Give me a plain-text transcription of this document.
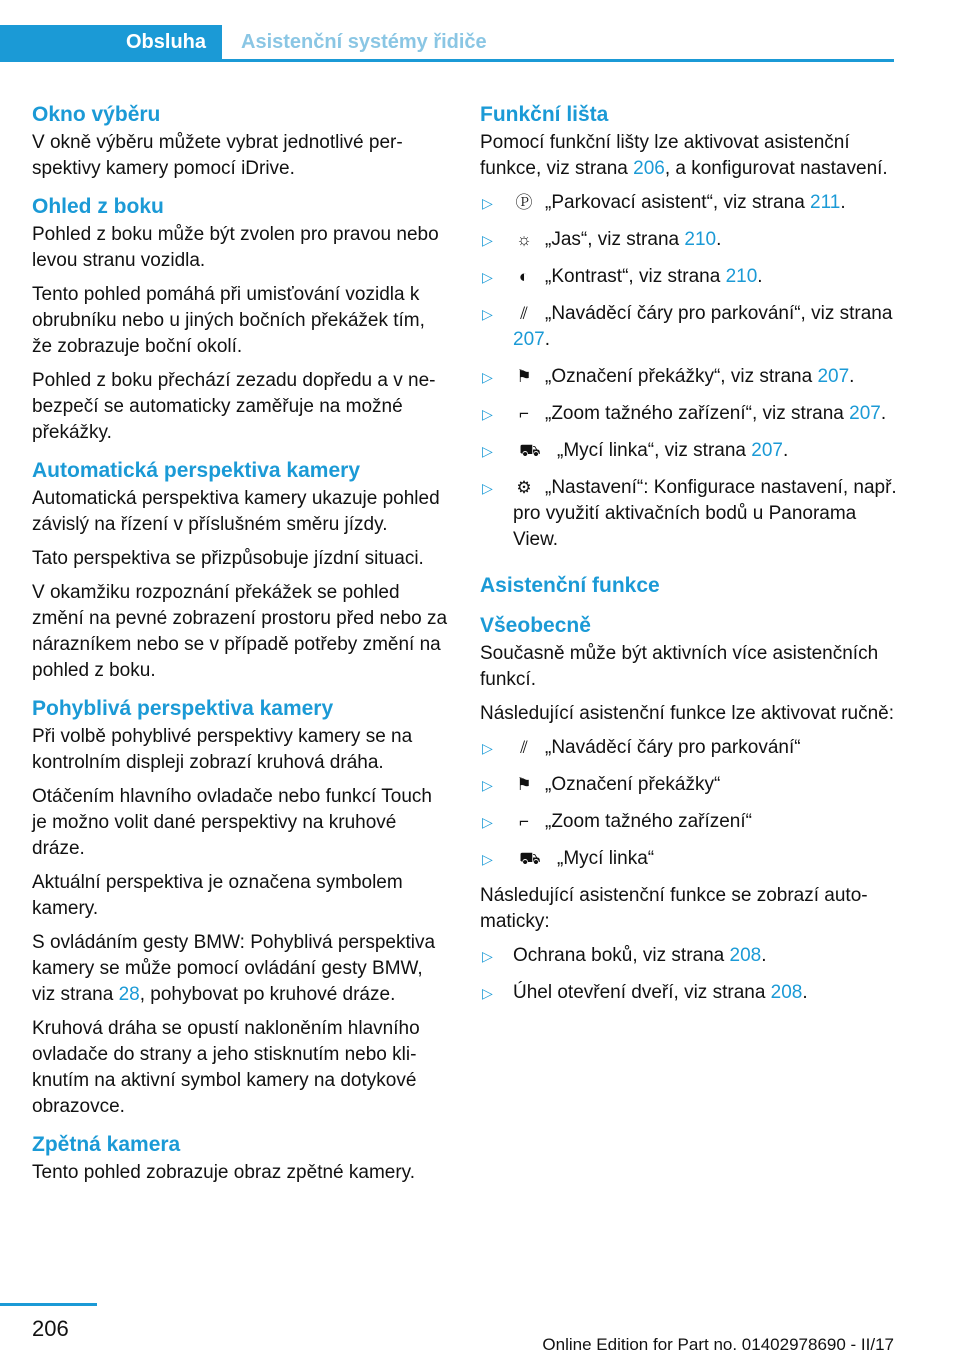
Obsluha Asistenční systémy řidiče
Okno výběru

V okně výběru můžete vybrat jednotlivé perspektivy kamery pomocí iDrive.

Ohled z boku

Pohled z boku může být zvolen pro pravou nebo levou stranu vozidla.

Tento pohled pomáhá při umisťování vozidla k obrubníku nebo u jiných bočních překážek tím, že zobrazuje boční okolí.

Pohled z boku přechází zezadu dopředu a v nebezpečí se automaticky zaměřuje na možné překážky.

Automatická perspektiva kamery

Automatická perspektiva kamery ukazuje pohled závislý na řízení v příslušném směru jízdy.

Tato perspektiva se přizpůsobuje jízdní situaci.

V okamžiku rozpoznání překážek se pohled změní na pevné zobrazení prostoru před nebo za nárazníkem nebo se v případě potřeby změní na pohled z boku.

Pohyblivá perspektiva kamery

Při volbě pohyblivé perspektivy kamery se na kontrolním displeji zobrazí kruhová dráha.

Otáčením hlavního ovladače nebo funkcí Touch je možno volit dané perspektivy na kruhové dráze.

Aktuální perspektiva je označena symbolem kamery.

S ovládáním gesty BMW: Pohyblivá perspektiva kamery se může pomocí ovládání gesty BMW, viz strana 28, pohybovat po kruhové dráze.

Kruhová dráha se opustí nakloněním hlavního ovladače do strany a jeho stisknutím nebo kliknutím na aktivní symbol kamery na dotykové obrazovce.

Zpětná kamera

Tento pohled zobrazuje obraz zpětné kamery.

Funkční lišta

Pomocí funkční lišty lze aktivovat asistenční funkce, viz strana 206, a konfigurovat nastavení.

▷ Ⓟ „Parkovací asistent“, viz strana 211.
▷ ☼ „Jas“, viz strana 210.
▷ ◐ „Kontrast“, viz strana 210.
▷ ⫽ „Naváděcí čáry pro parkování“, viz strana 207.
▷ ⚑ „Označení překážky“, viz strana 207.
▷ ⌐ „Zoom tažného zařízení“, viz strana 207.
▷ ⛟ „Mycí linka“, viz strana 207.
▷ ⚙ „Nastavení“: Konfigurace nastavení, např. pro využití aktivačních bodů u Panorama View.
Asistenční funkce
Všeobecně

Současně může být aktivních více asistenčních funkcí.

Následující asistenční funkce lze aktivovat ručně:

▷ ⫽ „Naváděcí čáry pro parkování“
▷ ⚑ „Označení překážky“
▷ ⌐ „Zoom tažného zařízení“
▷ ⛟ „Mycí linka“

Následující asistenční funkce se zobrazí automaticky:

▷ Ochrana boků, viz strana 208.
▷ Úhel otevření dveří, viz strana 208.
206
Online Edition for Part no. 01402978690 - II/17
